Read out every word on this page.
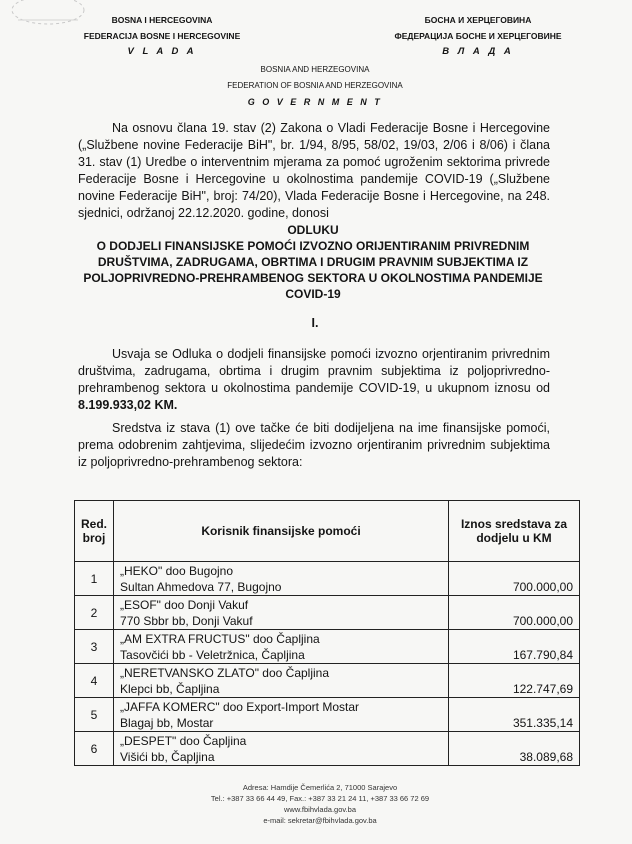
BOSNA I HERCEGOVINA
FEDERACIJA BOSNE I HERCEGOVINE
V L A D A
БОСНА И ХЕРЦЕГОВИНА
ФЕДЕРАЦИЈА БОСНЕ И ХЕРЦЕГОВИНЕ
В Л А Д А
BOSNIA AND HERZEGOVINA
FEDERATION OF BOSNIA AND HERZEGOVINA
G O V E R N M E N T
Na osnovu člana 19. stav (2) Zakona o Vladi Federacije Bosne i Hercegovine („Službene novine Federacije BiH", br. 1/94, 8/95, 58/02, 19/03, 2/06 i 8/06) i člana 31. stav (1) Uredbe o interventnim mjerama za pomoć ugroženim sektorima privrede Federacije Bosne i Hercegovine u okolnostima pandemije COVID-19 („Službene novine Federacije BiH", broj: 74/20), Vlada Federacije Bosne i Hercegovine, na 248. sjednici, održanoj 22.12.2020. godine, donosi
ODLUKU
O DODJELI FINANSIJSKE POMOĆI IZVOZNO ORIJENTIRANIM PRIVREDNIM DRUŠTVIMA, ZADRUGAMA, OBRTIMA I DRUGIM PRAVNIM SUBJEKTIMA IZ POLJOPRIVREDNO-PREHRAMBENOG SEKTORA U OKOLNOSTIMA PANDEMIJE COVID-19
I.
Usvaja se Odluka o dodjeli finansijske pomoći izvozno orjentiranim privrednim društvima, zadrugama, obrtima i drugim pravnim subjektima iz poljoprivredno-prehrambenog sektora u okolnostima pandemije COVID-19, u ukupnom iznosu od 8.199.933,02 KM.
Sredstva iz stava (1) ove tačke će biti dodijeljena na ime finansijske pomoći, prema odobrenim zahtjevima, slijedećim izvozno orjentiranim privrednim subjektima iz poljoprivredno-prehrambenog sektora:
Red. broj	Korisnik finansijske pomoći	Iznos sredstava za dodjelu u KM
1	„HEKO" doo Bugojno
Sultan Ahmedova 77, Bugojno	700.000,00
2	„ESOF" doo Donji Vakuf
770 Sbbr bb, Donji Vakuf	700.000,00
3	„AM EXTRA FRUCTUS" doo Čapljina
Tasovčići bb - Veletržnica, Čapljina	167.790,84
4	„NERETVANSKO ZLATO" doo Čapljina
Klepci bb, Čapljina	122.747,69
5	„JAFFA KOMERC" doo Export-Import Mostar
Blagaj bb, Mostar	351.335,14
6	„DESPET" doo Čapljina
Višići bb, Čapljina	38.089,68
Adresa: Hamdije Čemerlića 2, 71000 Sarajevo
Tel.: +387 33 66 44 49, Fax.: +387 33 21 24 11, +387 33 66 72 69
www.fbihvlada.gov.ba
e-mail: sekretar@fbihvlada.gov.ba
